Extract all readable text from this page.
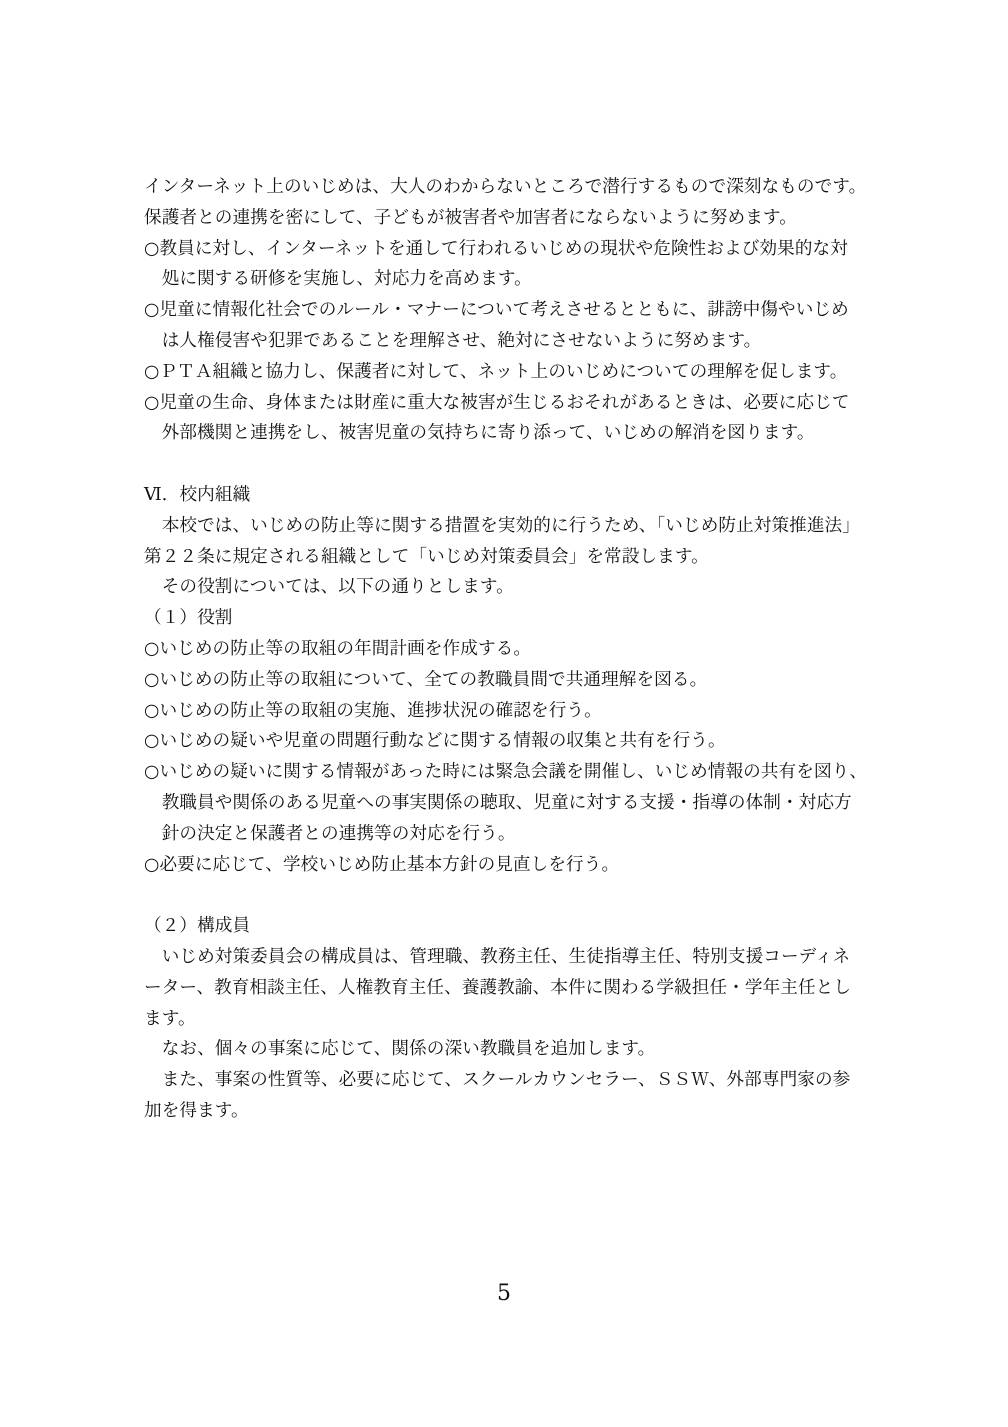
インターネット上のいじめは、大人のわからないところで潜行するもので深刻なものです。
保護者との連携を密にして、子どもが被害者や加害者にならないように努めます。
○教員に対し、インターネットを通して行われるいじめの現状や危険性および効果的な対
　処に関する研修を実施し、対応力を高めます。
○児童に情報化社会でのルール・マナーについて考えさせるとともに、誹謗中傷やいじめ
　は人権侵害や犯罪であることを理解させ、絶対にさせないように努めます。
○ＰＴＡ組織と協力し、保護者に対して、ネット上のいじめについての理解を促します。
○児童の生命、身体または財産に重大な被害が生じるおそれがあるときは、必要に応じて
　外部機関と連携をし、被害児童の気持ちに寄り添って、いじめの解消を図ります。
Ⅵ．校内組織
　本校では、いじめの防止等に関する措置を実効的に行うため、「いじめ防止対策推進法」
第２２条に規定される組織として「いじめ対策委員会」を常設します。
　その役割については、以下の通りとします。
（１）役割
○いじめの防止等の取組の年間計画を作成する。
○いじめの防止等の取組について、全ての教職員間で共通理解を図る。
○いじめの防止等の取組の実施、進捗状況の確認を行う。
○いじめの疑いや児童の問題行動などに関する情報の収集と共有を行う。
○いじめの疑いに関する情報があった時には緊急会議を開催し、いじめ情報の共有を図り、
　教職員や関係のある児童への事実関係の聴取、児童に対する支援・指導の体制・対応方
　針の決定と保護者との連携等の対応を行う。
○必要に応じて、学校いじめ防止基本方針の見直しを行う。
（２）構成員
　いじめ対策委員会の構成員は、管理職、教務主任、生徒指導主任、特別支援コーディネ
ーター、教育相談主任、人権教育主任、養護教諭、本件に関わる学級担任・学年主任とし
ます。
　なお、個々の事案に応じて、関係の深い教職員を追加します。
　また、事案の性質等、必要に応じて、スクールカウンセラー、ＳＳＷ、外部専門家の参
加を得ます。
5
